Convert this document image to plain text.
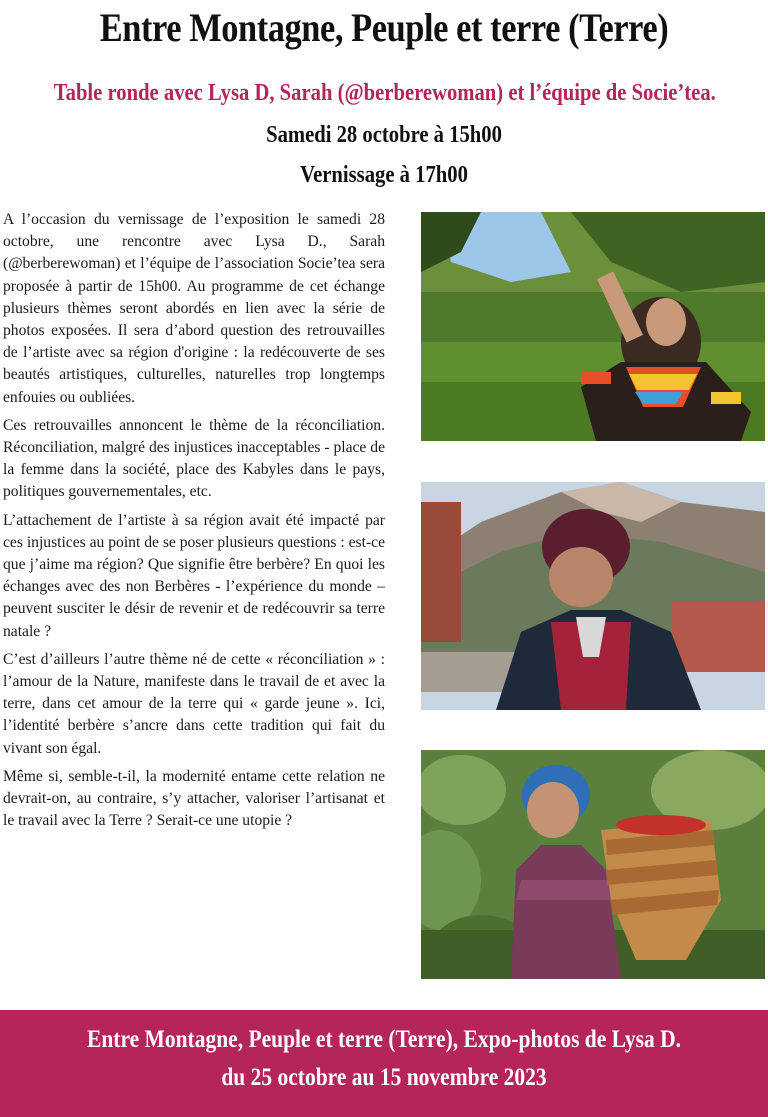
Entre Montagne, Peuple et terre (Terre)
Table ronde avec Lysa D, Sarah (@berberewoman) et l’équipe de Socie’tea.
Samedi 28 octobre à 15h00
Vernissage à 17h00

A l’occasion du vernissage de l’exposition le samedi 28 octobre, une rencontre avec Lysa D., Sarah (@berberewoman) et l’équipe de l’association Socie’tea sera proposée à partir de 15h00. Au programme de cet échange plusieurs thèmes seront abordés en lien avec la série de photos exposées. Il sera d’abord question des retrouvailles de l’artiste avec sa région d'origine : la redécouverte de ses beautés artistiques, culturelles, naturelles trop longtemps enfouies ou oubliées.

Ces retrouvailles annoncent le thème de la réconciliation. Réconciliation, malgré des injustices inacceptables - place de la femme dans la société, place des Kabyles dans le pays, politiques gouvernementales, etc.

L’attachement de l’artiste à sa région avait été impacté par ces injustices au point de se poser plusieurs questions : est-ce que j’aime ma région? Que signifie être berbère? En quoi les échanges avec des non Berbères - l’expérience du monde – peuvent susciter le désir de revenir et de redécouvrir sa terre natale ?

C’est d’ailleurs l’autre thème né de cette « réconciliation » : l’amour de la Nature, manifeste dans le travail de et avec la terre, dans cet amour de la terre qui « garde jeune ». Ici, l’identité berbère s’ancre dans cette tradition qui fait du vivant son égal.

Même si, semble-t-il, la modernité entame cette relation ne devrait-on, au contraire, s’y attacher, valoriser l’artisanat et le travail avec la Terre ? Serait-ce une utopie ?

Entre Montagne, Peuple et terre (Terre), Expo-photos de Lysa D.
du 25 octobre au 15 novembre 2023
